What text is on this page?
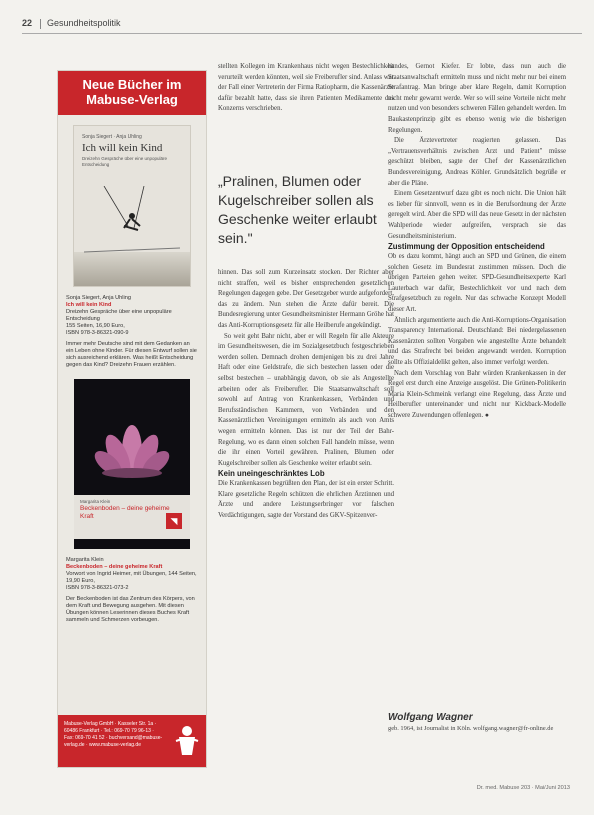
22 Gesundheitspolitik
Neue Bücher im Mabuse-Verlag
Sonja Siegert · Anja Uhling
Ich will kein Kind
Dreizehn Gespräche über eine unpopuläre Entscheidung
Sonja Siegert, Anja Uhling
Ich will kein Kind
Dreizehn Gespräche über eine unpopuläre Entscheidung
155 Seiten, 16,90 Euro,
ISBN 978-3-86321-090-9
Immer mehr Deutsche sind mit dem Gedanken an ein Leben ohne Kinder. Für diesen Entwurf sollen sie sich ausreichend erklären. Was heißt Entscheidung gegen das Kind? Dreizehn Frauen erzählen.
Margarita Klein
Beckenboden – deine geheime Kraft	◥
Margarita Klein
Beckenboden – deine geheime Kraft
Vorwort von Ingrid Heimer, mit Übungen, 144 Seiten, 19,90 Euro,
ISBN 978-3-86321-073-2
Der Beckenboden ist das Zentrum des Körpers, von dem Kraft und Bewegung ausgehen. Mit diesen Übungen können Leserinnen dieses Buches Kraft sammeln und Schmerzen vorbeugen.
Mabuse-Verlag GmbH · Kasseler Str. 1a · 60486 Frankfurt · Tel.: 069-70 79 96-13 · Fax: 069-70 41 52 · buchversand@mabuse-verlag.de · www.mabuse-verlag.de

stellten Kollegen im Krankenhaus nicht wegen Bestechlichkeit verurteilt werden könnten, weil sie Freiberufler sind. Anlass war der Fall einer Vertreterin der Firma Ratiopharm, die Kassenärzte dafür bezahlt hatte, dass sie ihren Patienten Medikamente des Konzerns verschrieben.

„Pralinen, Blumen oder Kugelschreiber sollen als Geschenke weiter erlaubt sein."

hinnen. Das soll zum Kurzeinsatz stocken. Der Richter aber nicht straffen, weil es bisher entsprechenden gesetzlichen Regelungen dagegen gebe. Der Gesetzgeber wurde aufgefordert, das zu ändern. Nun stehen die Ärzte dafür bereit. Die Bundesregierung unter Gesundheitsminister Hermann Gröhe hat das Anti-Korruptionsgesetz für alle Heilberufe angekündigt.

So weit geht Bahr nicht, aber er will Regeln für alle Akteure im Gesundheitswesen, die im Sozialgesetzbuch festgeschrieben werden sollen. Demnach drohen demjenigen bis zu drei Jahre Haft oder eine Geldstrafe, die sich bestechen lassen oder die selbst bestechen – unabhängig davon, ob sie als Angestellte arbeiten oder als Freiberufler. Die Staatsanwaltschaft soll sowohl auf Antrag von Krankenkassen, Verbänden und Berufsständischen Kammern, von Verbänden und den Kassenärztlichen Vereinigungen ermitteln als auch von Amts wegen ermitteln können. Das ist nur der Teil der Bahr-Regelung, wo es dann einen solchen Fall handeln müsse, wenn die ihr einen Vorteil gewähren. Pralinen, Blumen oder Kugelschreiber sollen als Geschenke weiter erlaubt sein.

Kein uneingeschränktes Lob

Die Krankenkassen begrüßten den Plan, der ist ein erster Schritt. Klare gesetzliche Regeln schützen die ehrlichen Ärztinnen und Ärzte und andere Leistungserbringer vor falschen Verdächtigungen, sagte der Vorstand des GKV-Spitzenver-

bandes, Gernot Kiefer. Er lobte, dass nun auch die Staatsanwaltschaft ermitteln muss und nicht mehr nur bei einem Strafantrag. Man bringe aber klare Regeln, damit Korruption nicht mehr gewarnt werde. Wer so will seine Vorteile nicht mehr nutzen und von besonders schweren Fällen gehandelt werden. Im Baukastenprinzip gibt es ebenso wenig wie die bisherigen Regelungen.

Die Ärztevertreter reagierten gelassen. Das „Vertrauensverhältnis zwischen Arzt und Patient" müsse geschützt bleiben, sagte der Chef der Kassenärztlichen Bundesvereinigung, Andreas Köhler. Grundsätzlich begrüße er aber die Pläne.

Einem Gesetzentwurf dazu gibt es noch nicht. Die Union hält es lieber für sinnvoll, wenn es in die Berufsordnung der Ärzte geregelt wird. Aber die SPD will das neue Gesetz in der nächsten Wahlperiode wieder aufgreifen, versprach sie das Gesundheitsministerium.

Zustimmung der Opposition entscheidend

Ob es dazu kommt, hängt auch an SPD und Grünen, die einem solchen Gesetz im Bundesrat zustimmen müssen. Doch die übrigen Parteien gehen weiter. SPD-Gesundheitsexperte Karl Lauterbach war dafür, Bestechlichkeit vor und nach dem Strafgesetzbuch zu regeln. Nur das schwache Konzept Modell dieser Art.

Ähnlich argumentierte auch die Anti-Korruptions-Organisation Transparency International. Deutschland: Bei niedergelassenen Kassenärzten sollten Vorgaben wie angestellte Ärzte behandelt und das Strafrecht bei beiden angewandt werden. Korruption sollte als Offizialdelikt gelten, also immer verfolgt werden.

Nach dem Vorschlag von Bahr würden Krankenkassen in der Regel erst durch eine Anzeige ausgelöst. Die Grünen-Politikerin Maria Klein-Schmeink verlangt eine Regelung, dass Ärzte und Heilberufler untereinander und nicht nur Kickback-Modelle schwere Zuwendungen offenlegen. ●

Wolfgang Wagner
geb. 1964, ist Journalist in Köln. wolfgang.wagner@fr-online.de
Dr. med. Mabuse 203 · Mai/Juni 2013
